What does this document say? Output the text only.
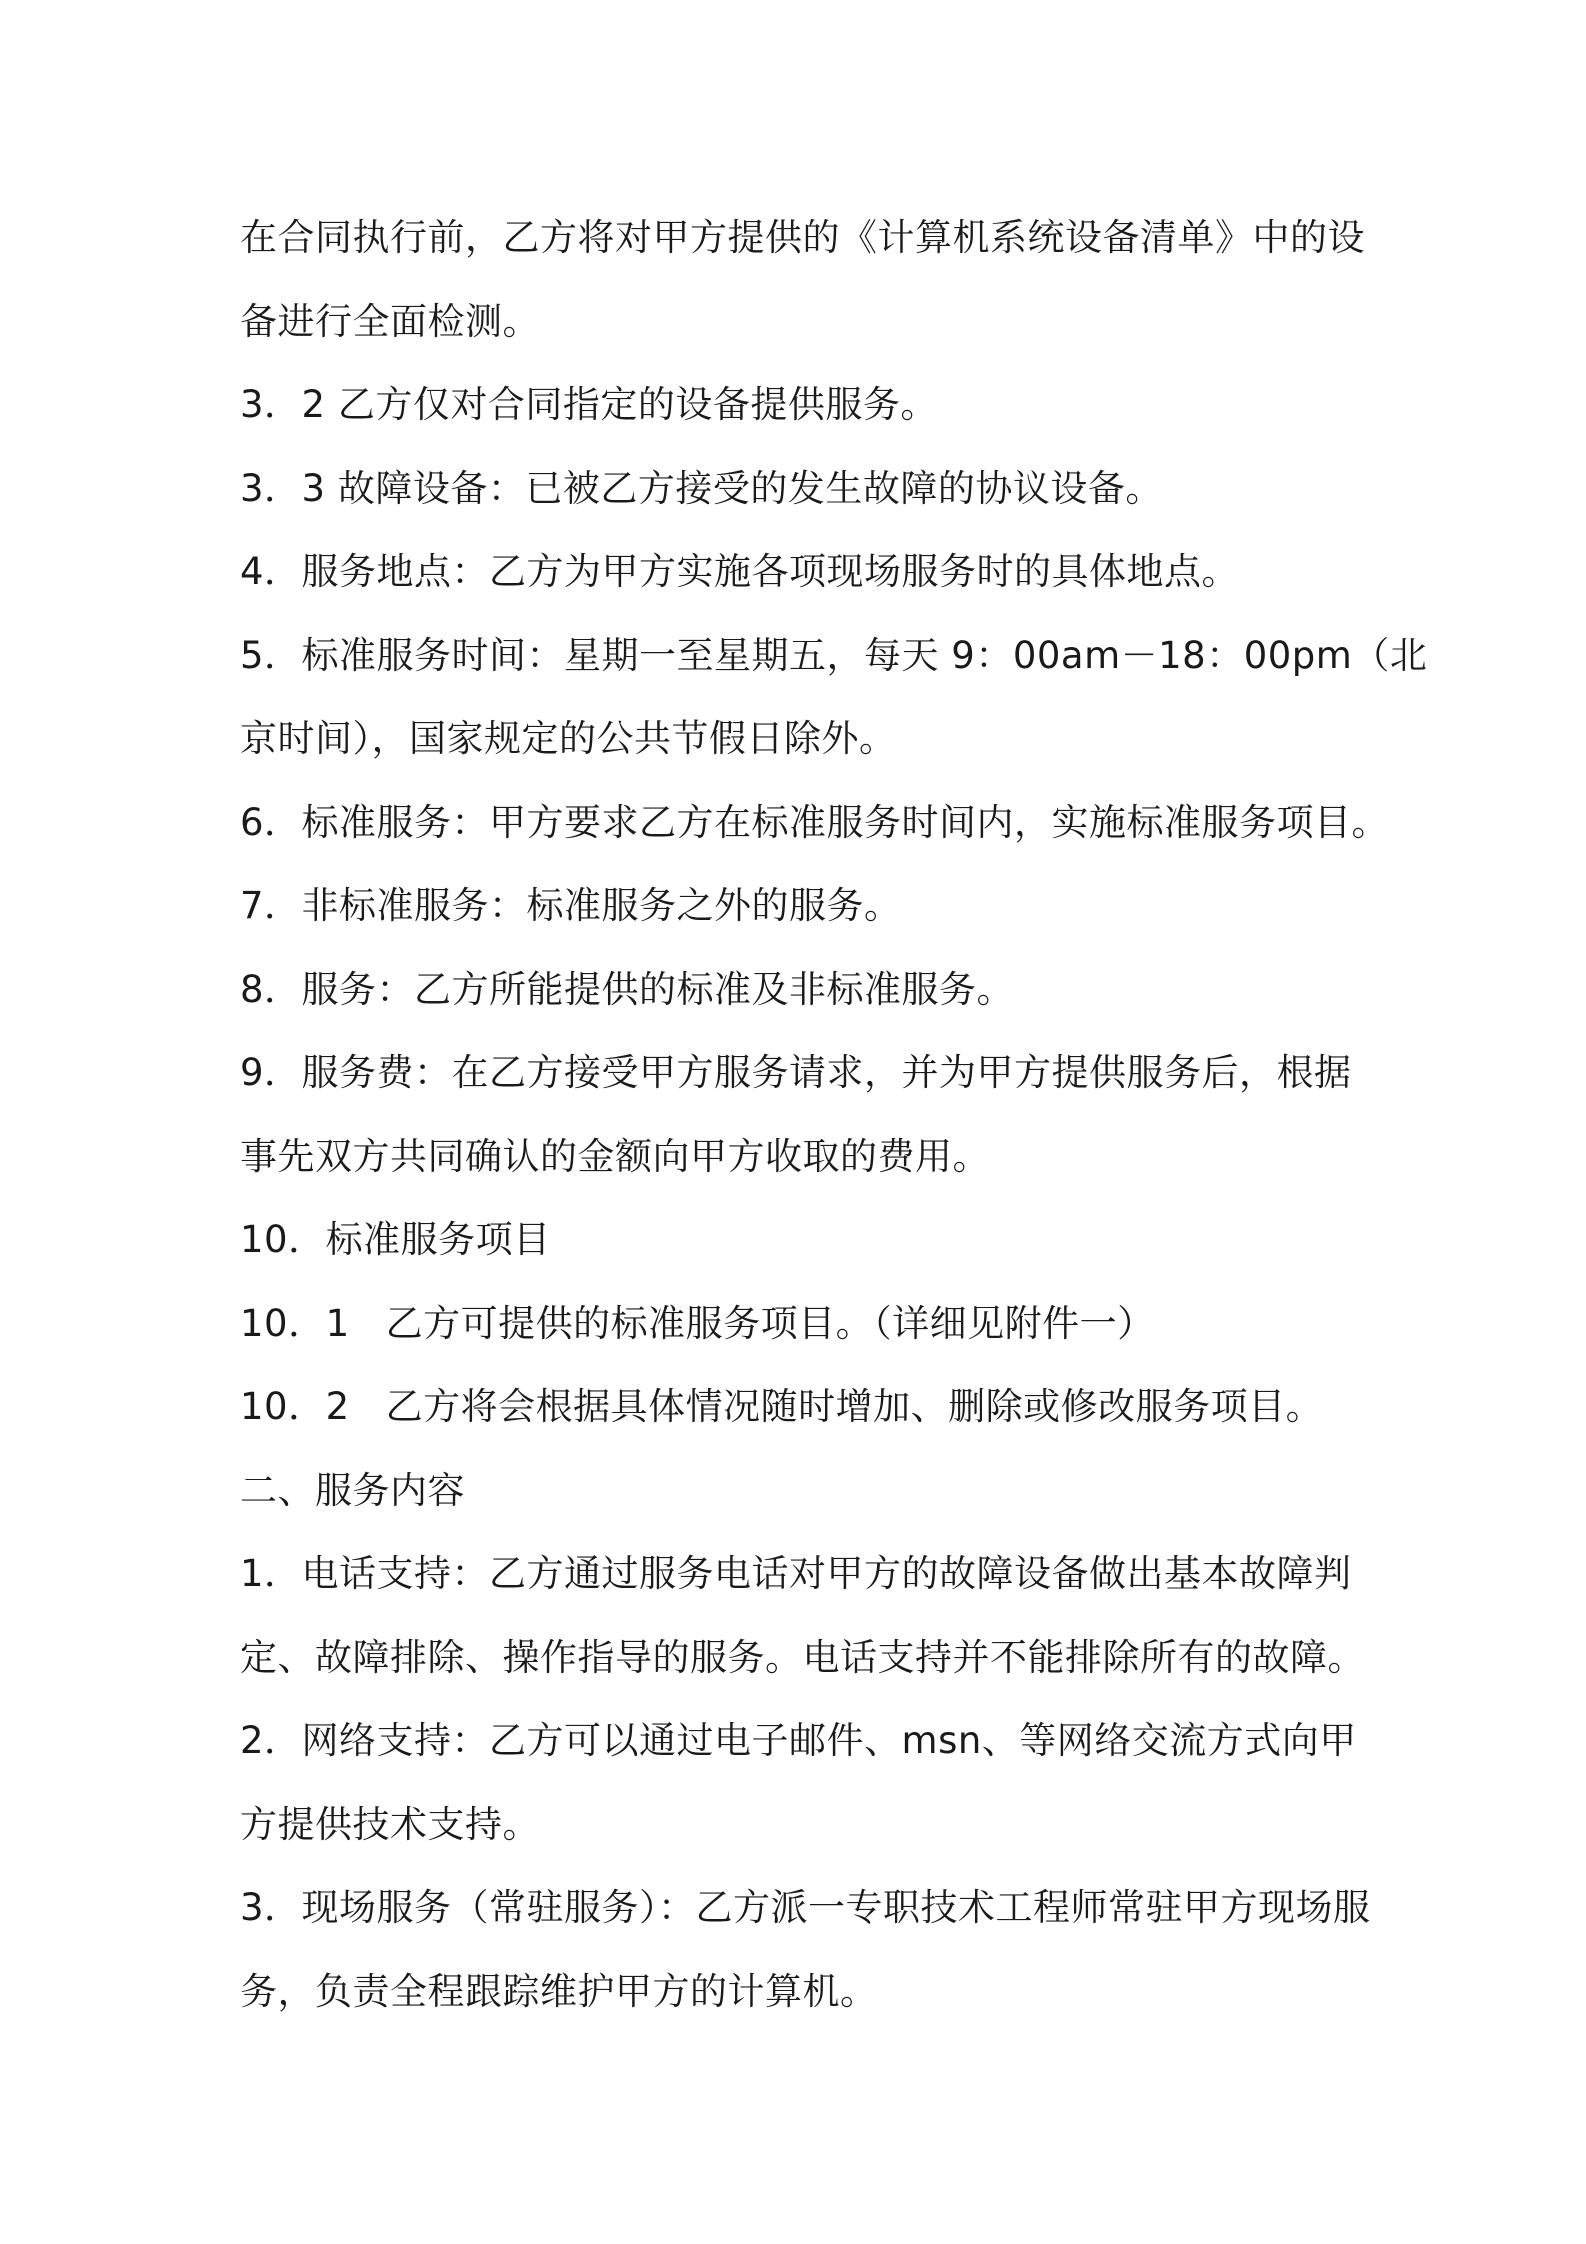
在合同执行前，乙方将对甲方提供的《计算机系统设备清单》中的设
备进行全面检测。
3．2 乙方仅对合同指定的设备提供服务。
3．3 故障设备：已被乙方接受的发生故障的协议设备。
4．服务地点：乙方为甲方实施各项现场服务时的具体地点。
5．标准服务时间：星期一至星期五，每天 9：00am－18：00pm（北
京时间），国家规定的公共节假日除外。
6．标准服务：甲方要求乙方在标准服务时间内，实施标准服务项目。
7．非标准服务：标准服务之外的服务。
8．服务：乙方所能提供的标准及非标准服务。
9．服务费：在乙方接受甲方服务请求，并为甲方提供服务后，根据
事先双方共同确认的金额向甲方收取的费用。
10．标准服务项目
10．1 乙方可提供的标准服务项目。（详细见附件一）
10．2 乙方将会根据具体情况随时增加、删除或修改服务项目。
二、服务内容
1．电话支持：乙方通过服务电话对甲方的故障设备做出基本故障判
定、故障排除、操作指导的服务。电话支持并不能排除所有的故障。
2．网络支持：乙方可以通过电子邮件、msn、等网络交流方式向甲
方提供技术支持。
3．现场服务（常驻服务）：乙方派一专职技术工程师常驻甲方现场服
务，负责全程跟踪维护甲方的计算机。
